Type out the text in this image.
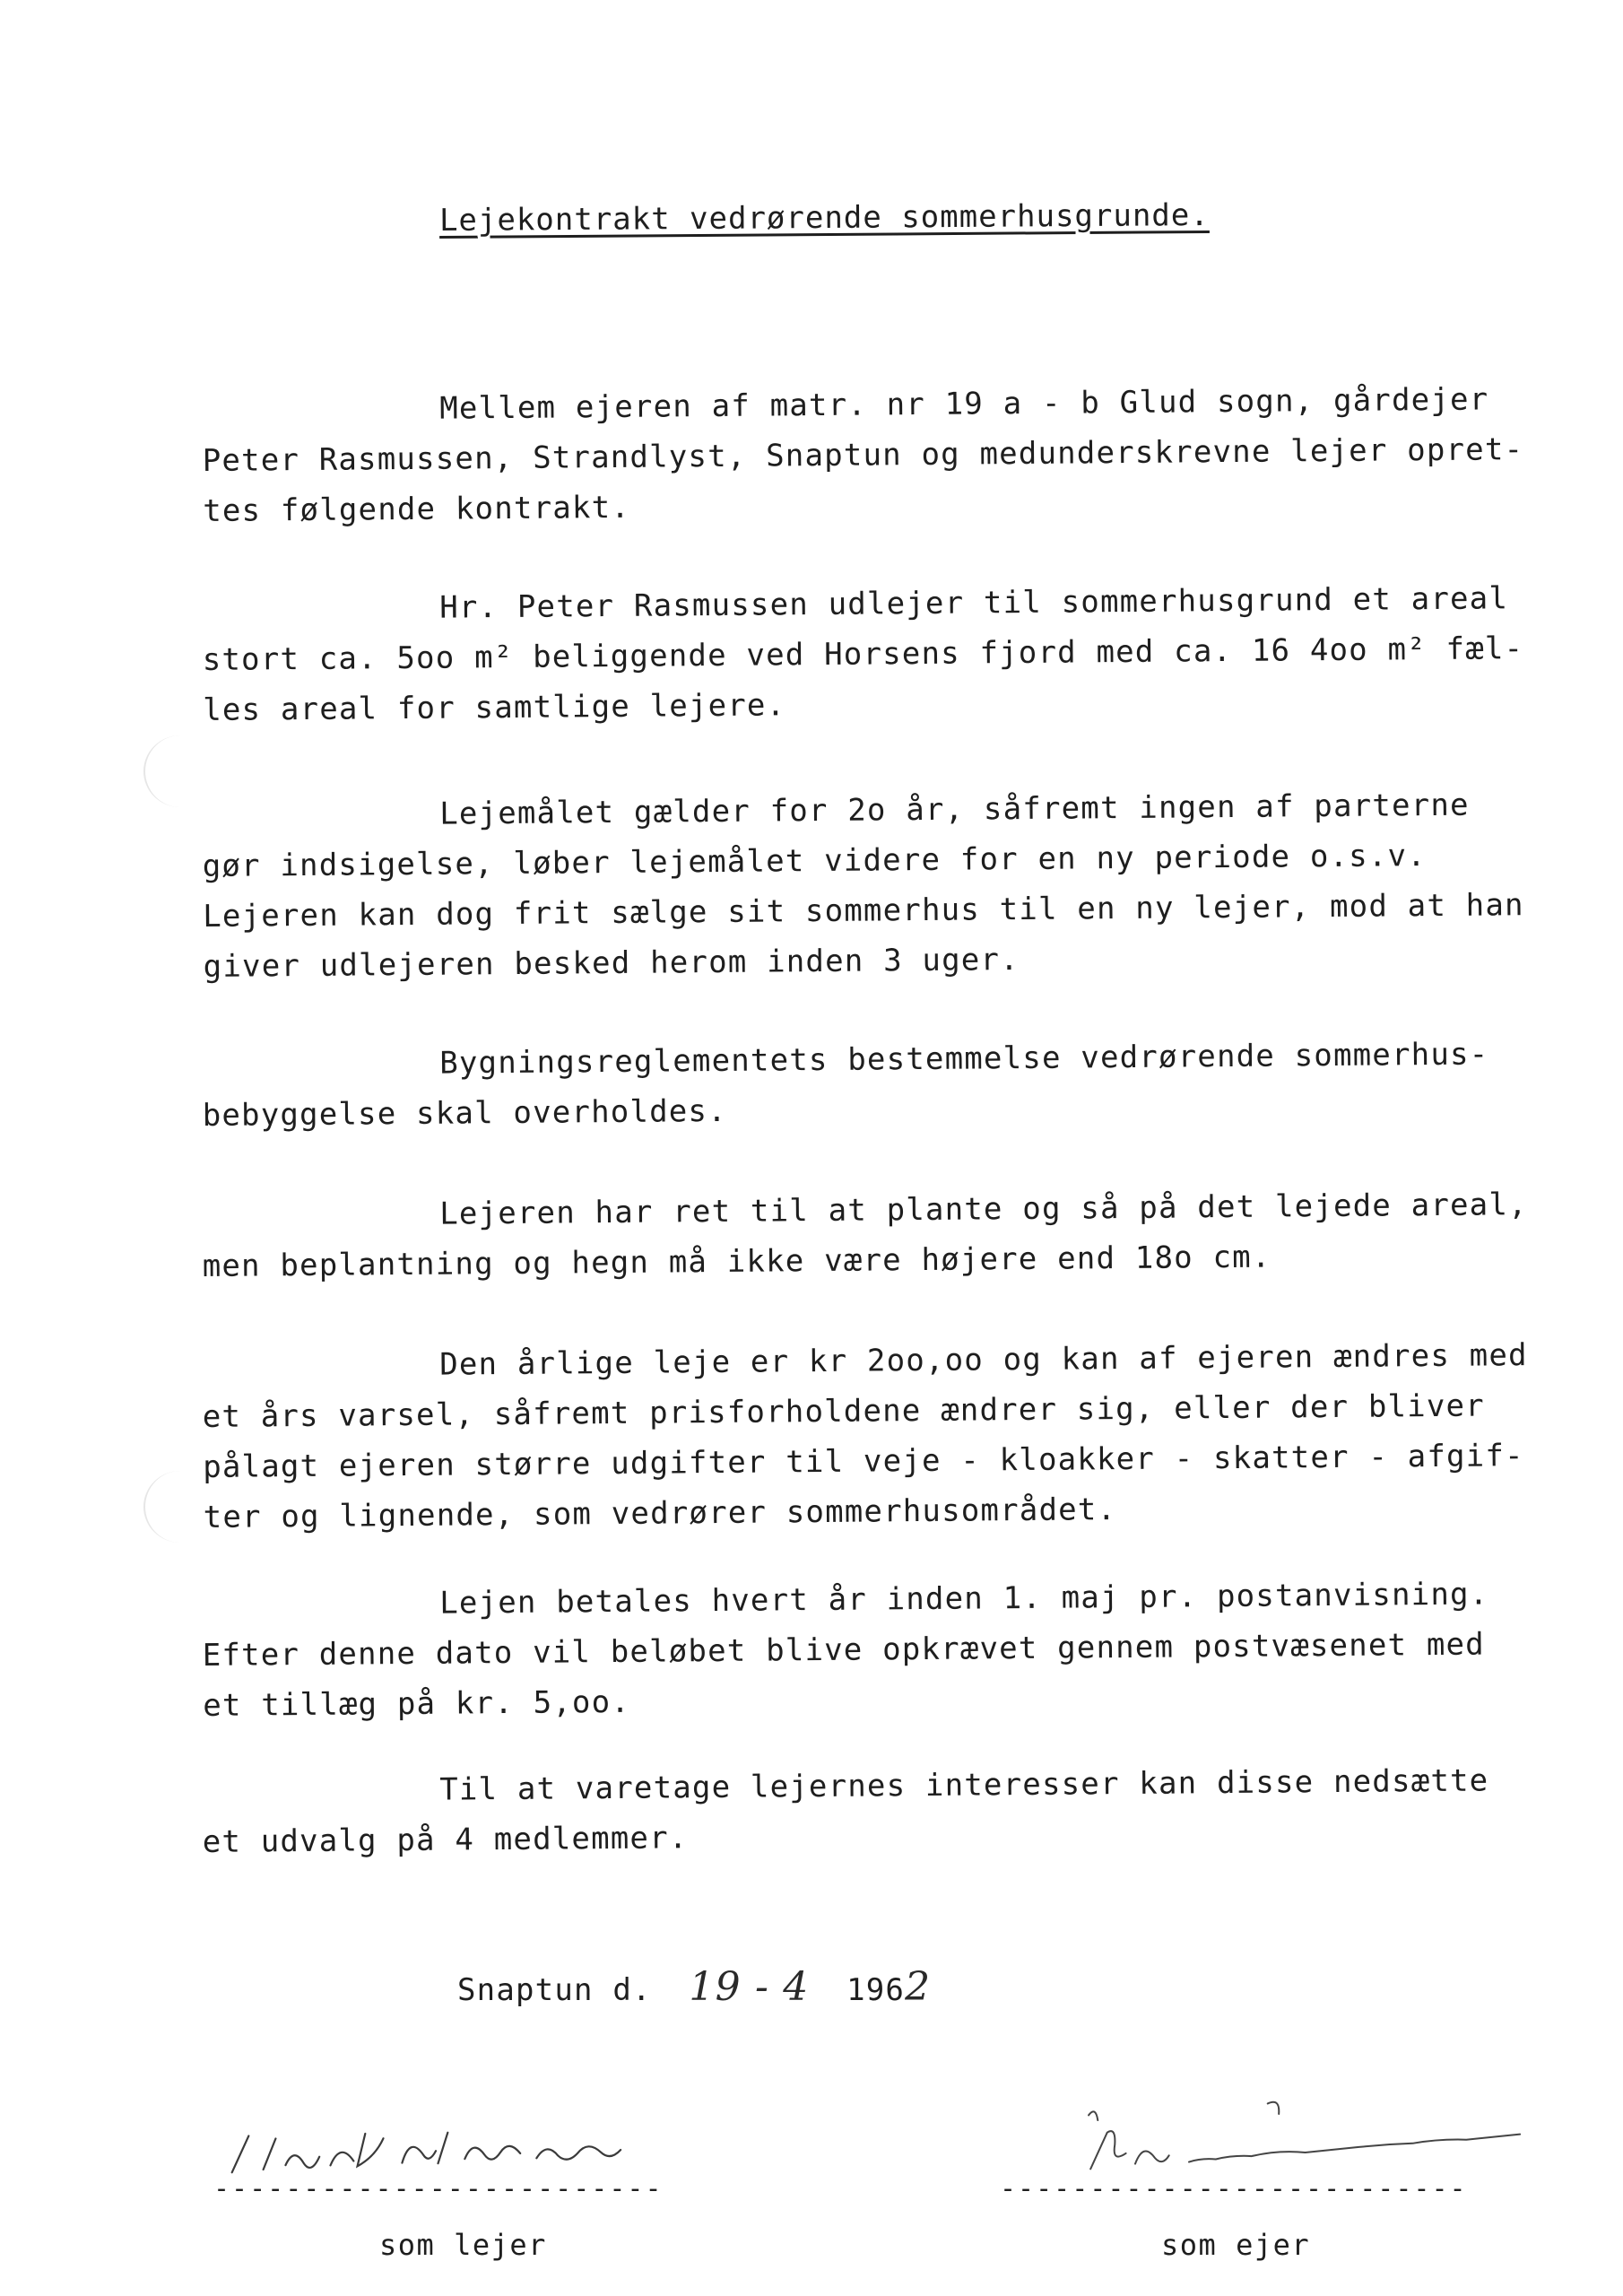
Lejekontrakt vedrørende sommerhusgrunde.
Mellem ejeren af matr. nr 19 a - b Glud sogn, gårdejer
Peter Rasmussen, Strandlyst, Snaptun og medunderskrevne lejer opret-
tes følgende kontrakt.
Hr. Peter Rasmussen udlejer til sommerhusgrund et areal
stort ca. 5oo m² beliggende ved Horsens fjord med ca. 16 4oo m² fæl-
les areal for samtlige lejere.
Lejemålet gælder for 2o år, såfremt ingen af parterne
gør indsigelse, løber lejemålet videre for en ny periode o.s.v.
Lejeren kan dog frit sælge sit sommerhus til en ny lejer, mod at han
giver udlejeren besked herom inden 3 uger.
Bygningsreglementets bestemmelse vedrørende sommerhus-
bebyggelse skal overholdes.
Lejeren har ret til at plante og så på det lejede areal,
men beplantning og hegn må ikke være højere end 18o cm.
Den årlige leje er kr 2oo,oo og kan af ejeren ændres med
et års varsel, såfremt prisforholdene ændrer sig, eller der bliver
pålagt ejeren større udgifter til veje - kloakker - skatter - afgif-
ter og lignende, som vedrører sommerhusområdet.
Lejen betales hvert år inden 1. maj pr. postanvisning.
Efter denne dato vil beløbet blive opkrævet gennem postvæsenet med
et tillæg på kr. 5,oo.
Til at varetage lejernes interesser kan disse nedsætte
et udvalg på 4 medlemmer.
Snaptun d. 19 - 4 1962
-------------------------
som lejer
--------------------------
som ejer
